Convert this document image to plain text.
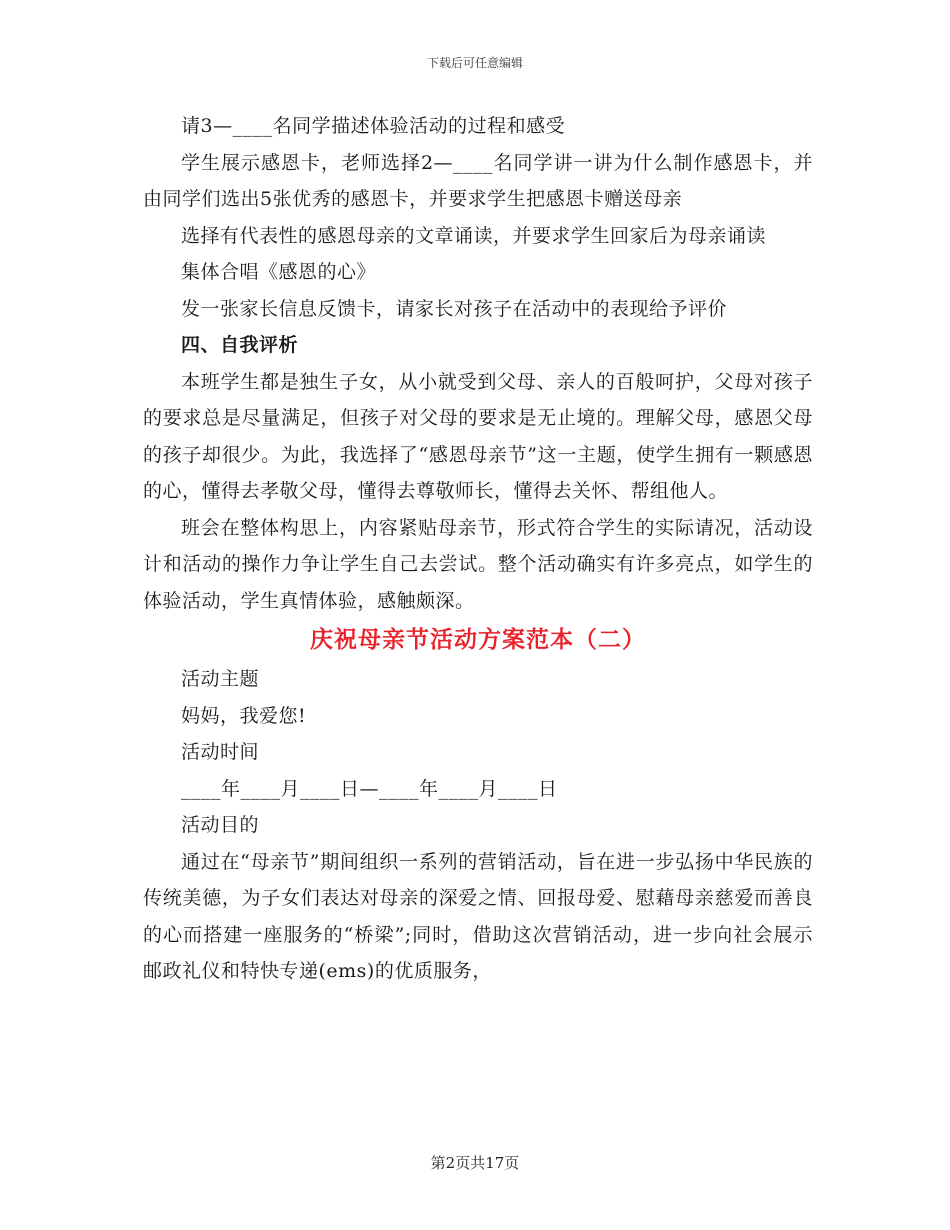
下载后可任意编辑

请3—____名同学描述体验活动的过程和感受

学生展示感恩卡，老师选择2—____名同学讲一讲为什么制作感恩卡，并由同学们选出5张优秀的感恩卡，并要求学生把感恩卡赠送母亲

选择有代表性的感恩母亲的文章诵读，并要求学生回家后为母亲诵读

集体合唱《感恩的心》

发一张家长信息反馈卡，请家长对孩子在活动中的表现给予评价

四、自我评析

本班学生都是独生子女，从小就受到父母、亲人的百般呵护，父母对孩子的要求总是尽量满足，但孩子对父母的要求是无止境的。理解父母，感恩父母的孩子却很少。为此，我选择了“感恩母亲节”这一主题，使学生拥有一颗感恩的心，懂得去孝敬父母，懂得去尊敬师长，懂得去关怀、帮组他人。

班会在整体构思上，内容紧贴母亲节，形式符合学生的实际请况，活动设计和活动的操作力争让学生自己去尝试。整个活动确实有许多亮点，如学生的体验活动，学生真情体验，感触颇深。

庆祝母亲节活动方案范本（二）

活动主题

妈妈，我爱您!

活动时间

____年____月____日—____年____月____日

活动目的

通过在“母亲节”期间组织一系列的营销活动，旨在进一步弘扬中华民族的传统美德，为子女们表达对母亲的深爱之情、回报母爱、慰藉母亲慈爱而善良的心而搭建一座服务的“桥梁”;同时，借助这次营销活动，进一步向社会展示邮政礼仪和特快专递(ems)的优质服务，

第2页共17页
